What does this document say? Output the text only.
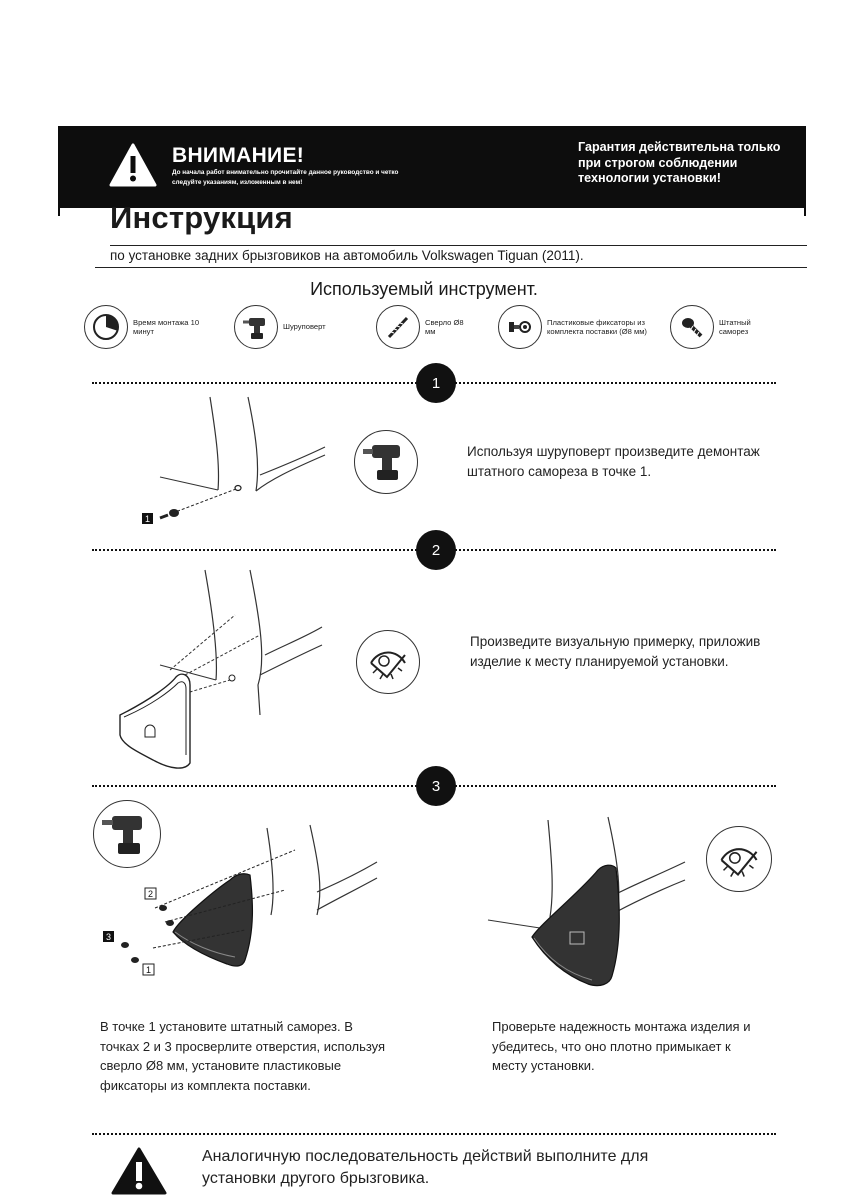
ВНИМАНИЕ!
До начала работ внимательно прочитайте данное руководство и четко следуйте указаниям, изложенным в нем!
Гарантия действительна только при строгом соблюдении технологии установки!
Инструкция
по установке задних брызговиков на автомобиль Volkswagen Tiguan (2011).
Используемый инструмент.
Время монтажа 10 минут
Шуруповерт
Сверло Ø8 мм
Пластиковые фиксаторы из комплекта поставки (Ø8 мм)
Штатный саморез
1
1
Используя шуруповерт произведите демонтаж штатного самореза в точке 1.
2
Произведите визуальную примерку, приложив изделие к месту планируемой установки.
3
2
3
1
В точке 1 установите штатный саморез. В точках 2 и 3 просверлите отверстия, используя сверло Ø8 мм, установите пластиковые фиксаторы из комплекта поставки.
Проверьте надежность монтажа изделия и убедитесь, что оно плотно примыкает к месту установки.
Аналогичную последовательность действий выполните для установки другого брызговика.
